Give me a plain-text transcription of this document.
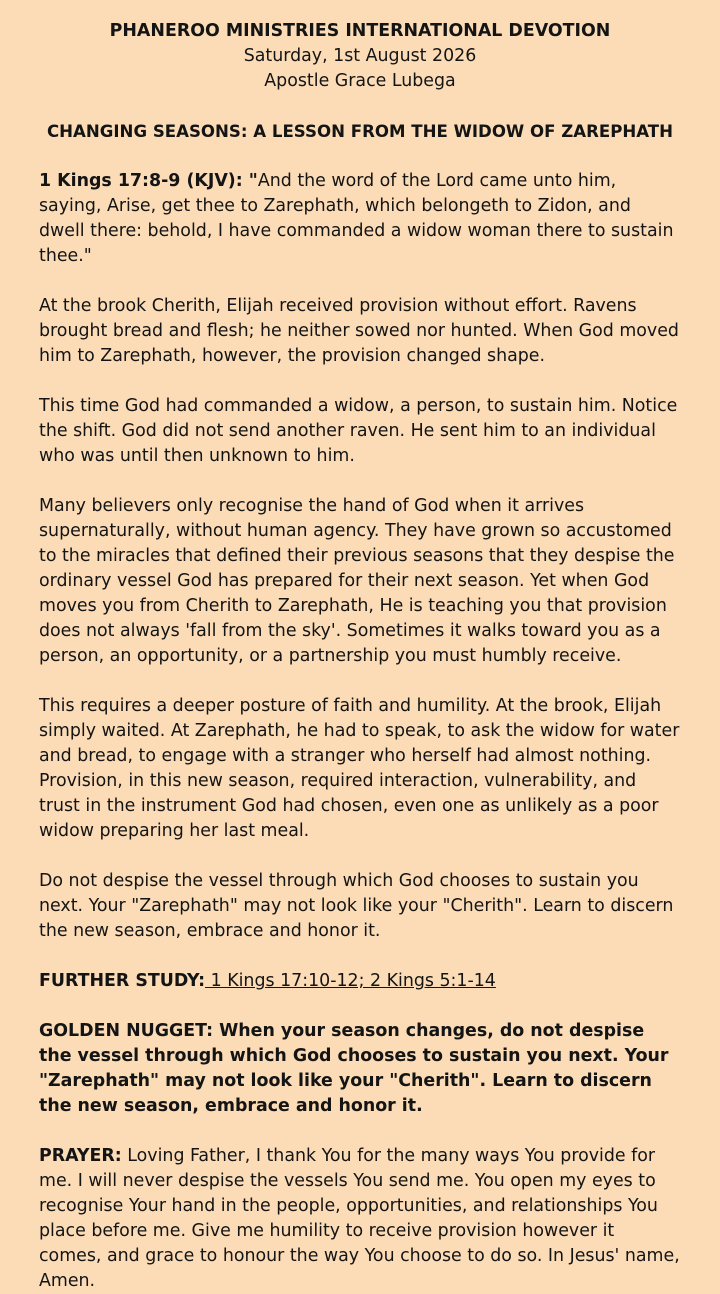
PHANEROO MINISTRIES INTERNATIONAL DEVOTION
Saturday, 1st August 2026
Apostle Grace Lubega
CHANGING SEASONS: A LESSON FROM THE WIDOW OF ZAREPHATH
1 Kings 17:8-9 (KJV): "And the word of the Lord came unto him, saying, Arise, get thee to Zarephath, which belongeth to Zidon, and dwell there: behold, I have commanded a widow woman there to sustain thee."
At the brook Cherith, Elijah received provision without effort. Ravens brought bread and flesh; he neither sowed nor hunted. When God moved him to Zarephath, however, the provision changed shape.
This time God had commanded a widow, a person, to sustain him. Notice the shift. God did not send another raven. He sent him to an individual who was until then unknown to him.
Many believers only recognise the hand of God when it arrives supernaturally, without human agency. They have grown so accustomed to the miracles that defined their previous seasons that they despise the ordinary vessel God has prepared for their next season. Yet when God moves you from Cherith to Zarephath, He is teaching you that provision does not always 'fall from the sky'. Sometimes it walks toward you as a person, an opportunity, or a partnership you must humbly receive.
This requires a deeper posture of faith and humility. At the brook, Elijah simply waited. At Zarephath, he had to speak, to ask the widow for water and bread, to engage with a stranger who herself had almost nothing. Provision, in this new season, required interaction, vulnerability, and trust in the instrument God had chosen, even one as unlikely as a poor widow preparing her last meal.
Do not despise the vessel through which God chooses to sustain you next. Your "Zarephath" may not look like your "Cherith". Learn to discern the new season, embrace and honor it.
FURTHER STUDY: 1 Kings 17:10-12; 2 Kings 5:1-14
GOLDEN NUGGET: When your season changes, do not despise the vessel through which God chooses to sustain you next. Your "Zarephath" may not look like your "Cherith". Learn to discern the new season, embrace and honor it.
PRAYER: Loving Father, I thank You for the many ways You provide for me. I will never despise the vessels You send me. You open my eyes to recognise Your hand in the people, opportunities, and relationships You place before me. Give me humility to receive provision however it comes, and grace to honour the way You choose to do so. In Jesus' name, Amen.
